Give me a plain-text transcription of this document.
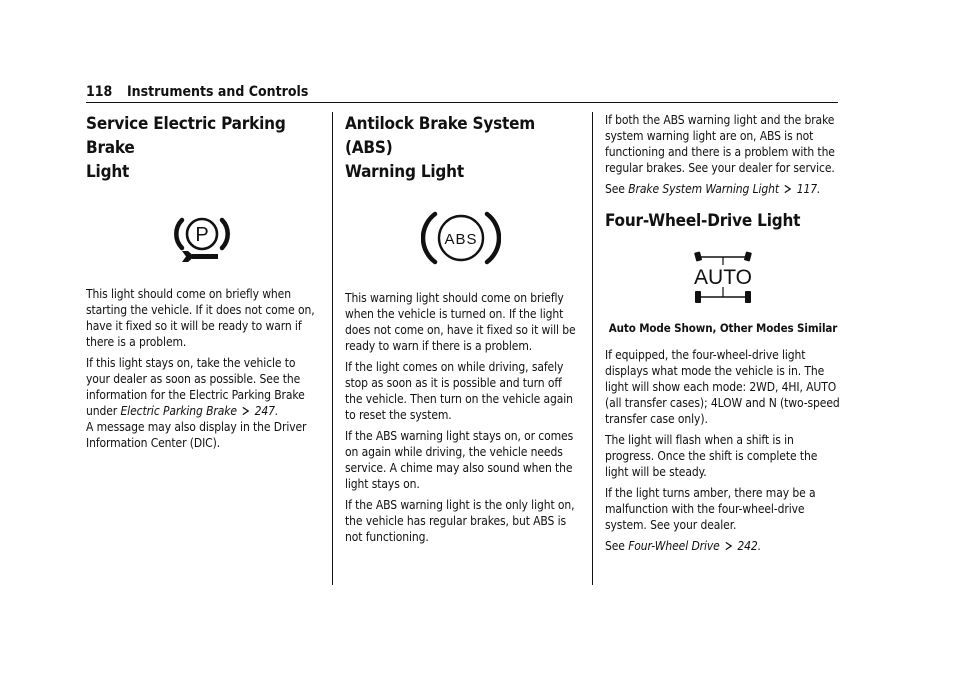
118 Instruments and Controls
Service Electric Parking Brake
Light
P

This light should come on briefly when starting the vehicle. If it does not come on, have it fixed so it will be ready to warn if there is a problem.

If this light stays on, take the vehicle to your dealer as soon as possible. See the information for the Electric Parking Brake under Electric Parking Brake 247.

A message may also display in the Driver Information Center (DIC).

Antilock Brake System (ABS)
Warning Light
ABS

This warning light should come on briefly when the vehicle is turned on. If the light does not come on, have it fixed so it will be ready to warn if there is a problem.

If the light comes on while driving, safely stop as soon as it is possible and turn off the vehicle. Then turn on the vehicle again to reset the system.

If the ABS warning light stays on, or comes on again while driving, the vehicle needs service. A chime may also sound when the light stays on.

If the ABS warning light is the only light on, the vehicle has regular brakes, but ABS is not functioning.

If both the ABS warning light and the brake system warning light are on, ABS is not functioning and there is a problem with the regular brakes. See your dealer for service.

See Brake System Warning Light 117.

Four-Wheel-Drive Light
AUTO

Auto Mode Shown, Other Modes Similar

If equipped, the four-wheel-drive light displays what mode the vehicle is in. The light will show each mode: 2WD, 4HI, AUTO (all transfer cases); 4LOW and N (two-speed transfer case only).

The light will flash when a shift is in progress. Once the shift is complete the light will be steady.

If the light turns amber, there may be a malfunction with the four-wheel-drive system. See your dealer.

See Four-Wheel Drive 242.
